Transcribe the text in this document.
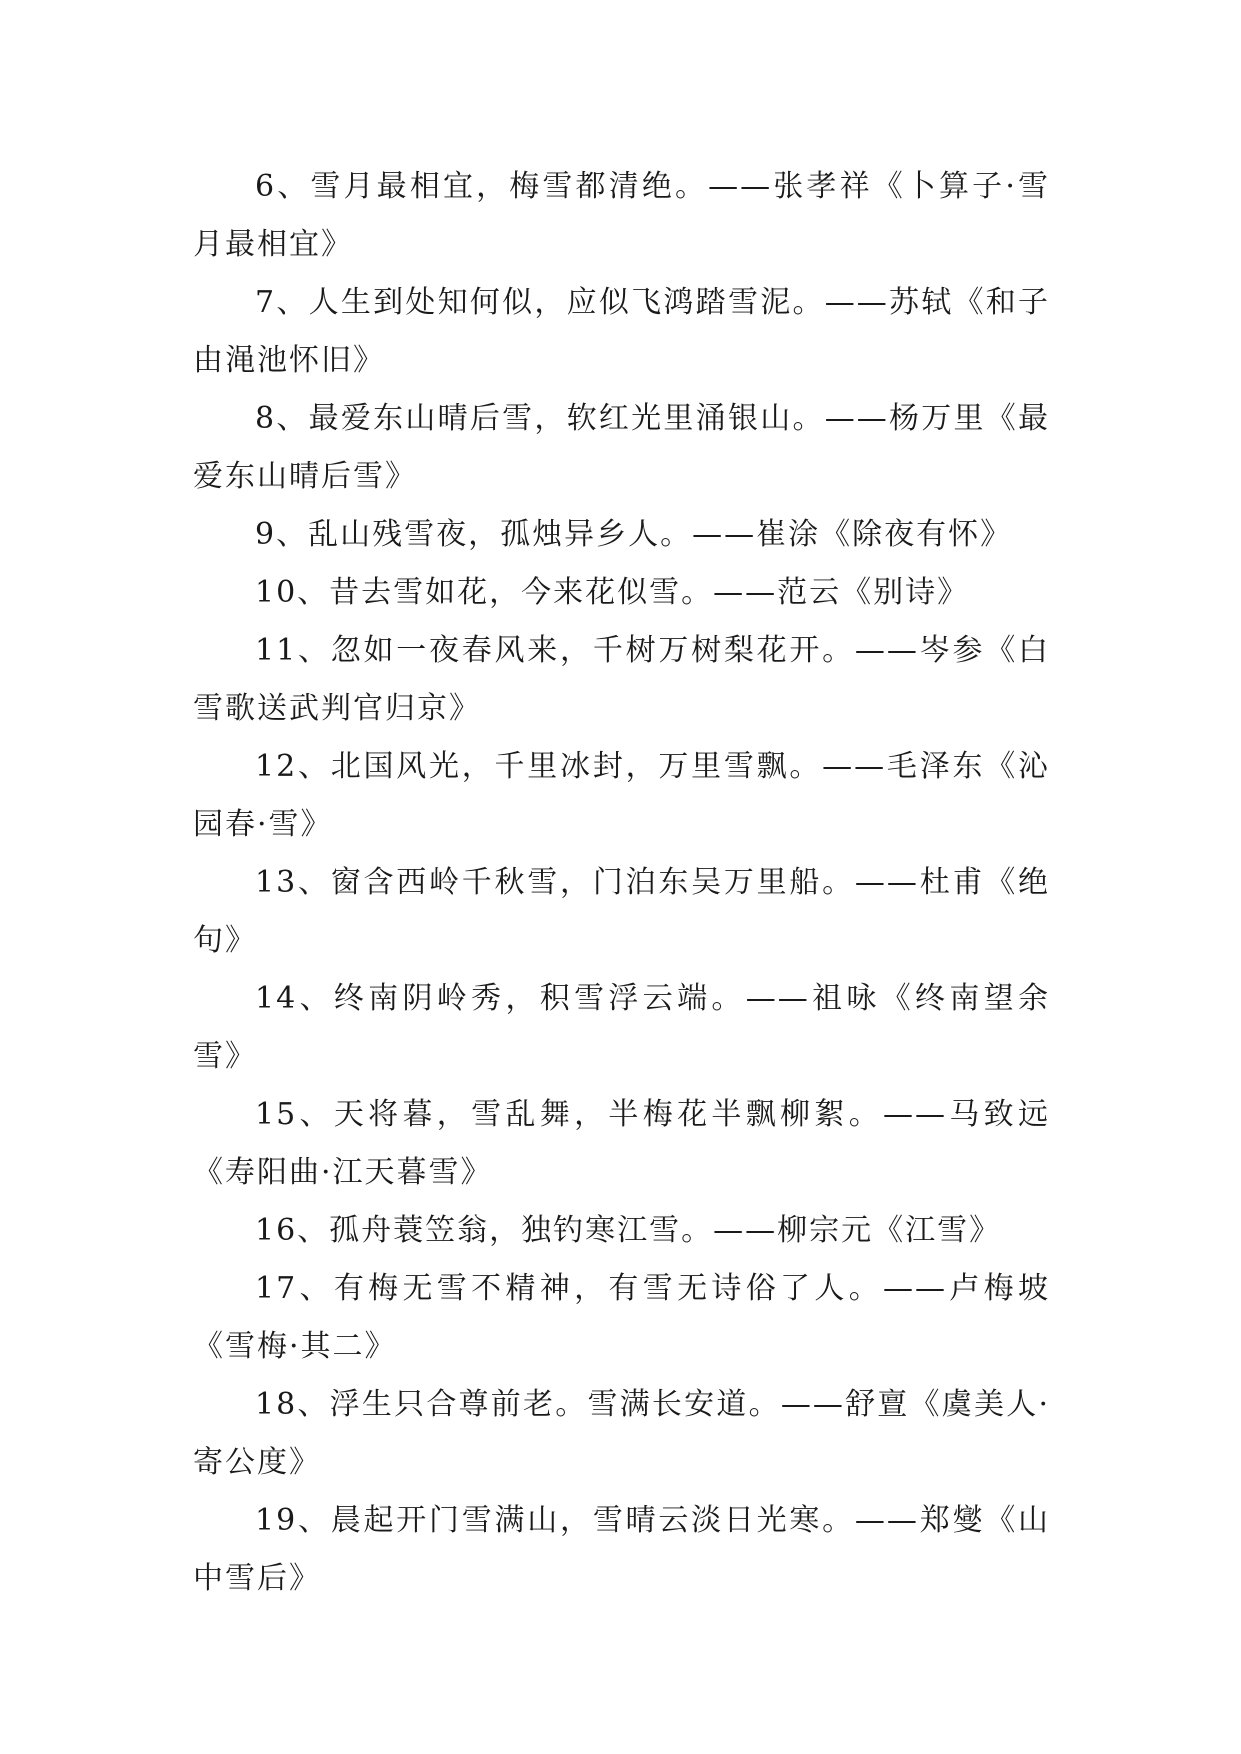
6、雪月最相宜，梅雪都清绝。——张孝祥《卜算子·雪月最相宜》

7、人生到处知何似，应似飞鸿踏雪泥。——苏轼《和子由渑池怀旧》

8、最爱东山晴后雪，软红光里涌银山。——杨万里《最爱东山晴后雪》

9、乱山残雪夜，孤烛异乡人。——崔涂《除夜有怀》

10、昔去雪如花，今来花似雪。——范云《别诗》

11、忽如一夜春风来，千树万树梨花开。——岑参《白雪歌送武判官归京》

12、北国风光，千里冰封，万里雪飘。——毛泽东《沁园春·雪》

13、窗含西岭千秋雪，门泊东吴万里船。——杜甫《绝句》

14、终南阴岭秀，积雪浮云端。——祖咏《终南望余雪》

15、天将暮，雪乱舞，半梅花半飘柳絮。——马致远《寿阳曲·江天暮雪》

16、孤舟蓑笠翁，独钓寒江雪。——柳宗元《江雪》

17、有梅无雪不精神，有雪无诗俗了人。——卢梅坡《雪梅·其二》

18、浮生只合尊前老。雪满长安道。——舒亶《虞美人·寄公度》

19、晨起开门雪满山，雪晴云淡日光寒。——郑燮《山中雪后》
